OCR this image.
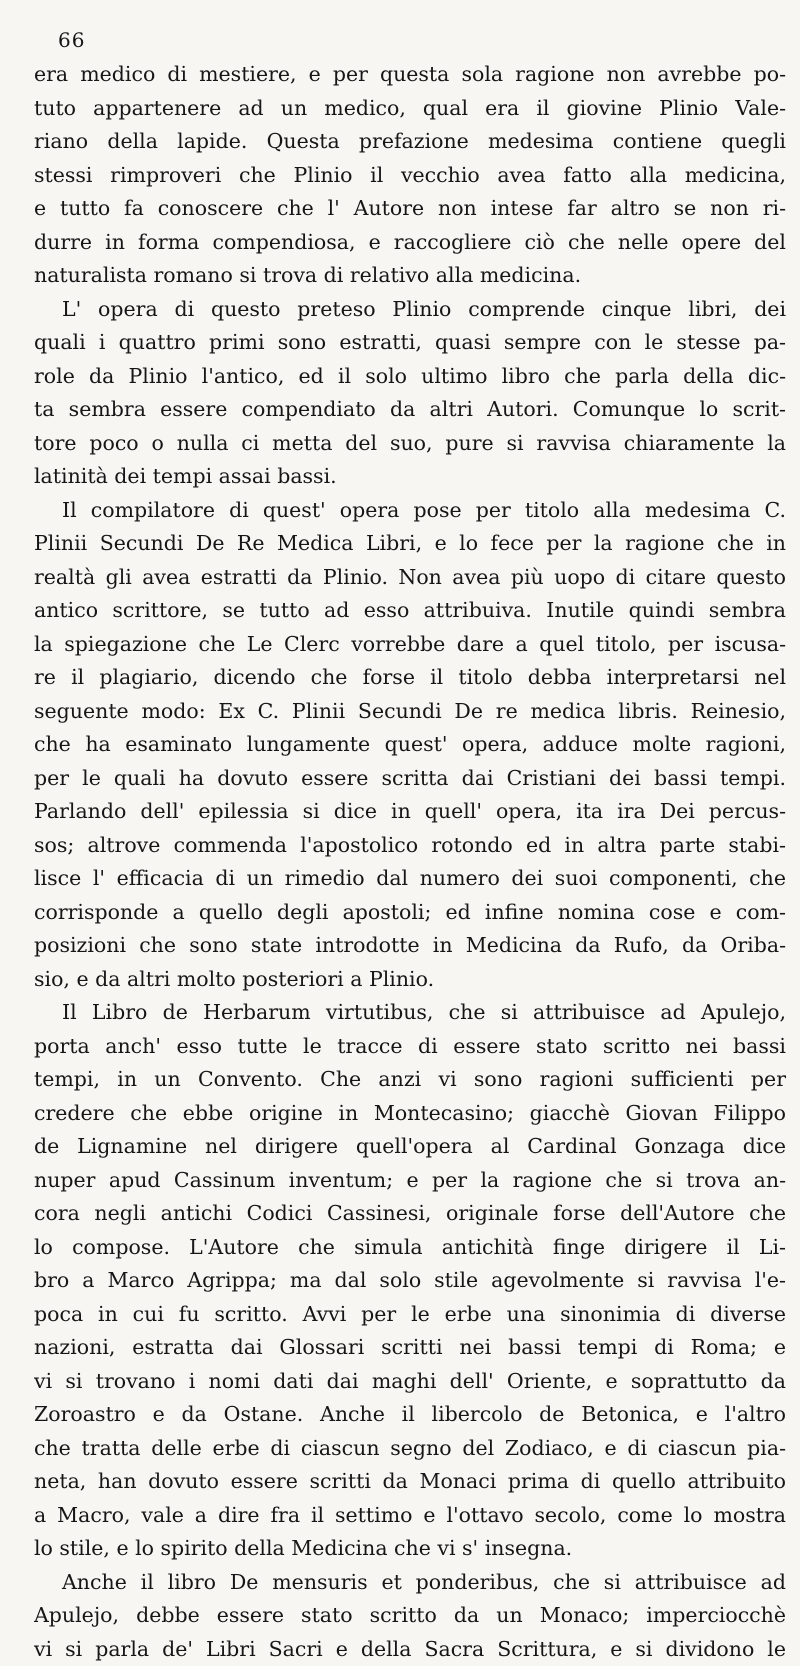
66
era medico di mestiere, e per questa sola ragione non avrebbe po-
tuto appartenere ad un medico, qual era il giovine Plinio Vale-
riano della lapide. Questa prefazione medesima contiene quegli
stessi rimproveri che Plinio il vecchio avea fatto alla medicina,
e tutto fa conoscere che l' Autore non intese far altro se non ri-
durre in forma compendiosa, e raccogliere ciò che nelle opere del
naturalista romano si trova di relativo alla medicina.
L' opera di questo preteso Plinio comprende cinque libri, dei
quali i quattro primi sono estratti, quasi sempre con le stesse pa-
role da Plinio l'antico, ed il solo ultimo libro che parla della dic-
ta sembra essere compendiato da altri Autori. Comunque lo scrit-
tore poco o nulla ci metta del suo, pure si ravvisa chiaramente la
latinità dei tempi assai bassi.
Il compilatore di quest' opera pose per titolo alla medesima C.
Plinii Secundi De Re Medica Libri, e lo fece per la ragione che in
realtà gli avea estratti da Plinio. Non avea più uopo di citare questo
antico scrittore, se tutto ad esso attribuiva. Inutile quindi sembra
la spiegazione che Le Clerc vorrebbe dare a quel titolo, per iscusa-
re il plagiario, dicendo che forse il titolo debba interpretarsi nel
seguente modo: Ex C. Plinii Secundi De re medica libris. Reinesio,
che ha esaminato lungamente quest' opera, adduce molte ragioni,
per le quali ha dovuto essere scritta dai Cristiani dei bassi tempi.
Parlando dell' epilessia si dice in quell' opera, ita ira Dei percus-
sos; altrove commenda l'apostolico rotondo ed in altra parte stabi-
lisce l' efficacia di un rimedio dal numero dei suoi componenti, che
corrisponde a quello degli apostoli; ed infine nomina cose e com-
posizioni che sono state introdotte in Medicina da Rufo, da Oriba-
sio, e da altri molto posteriori a Plinio.
Il Libro de Herbarum virtutibus, che si attribuisce ad Apulejo,
porta anch' esso tutte le tracce di essere stato scritto nei bassi
tempi, in un Convento. Che anzi vi sono ragioni sufficienti per
credere che ebbe origine in Montecasino; giacchè Giovan Filippo
de Lignamine nel dirigere quell'opera al Cardinal Gonzaga dice
nuper apud Cassinum inventum; e per la ragione che si trova an-
cora negli antichi Codici Cassinesi, originale forse dell'Autore che
lo compose. L'Autore che simula antichità finge dirigere il Li-
bro a Marco Agrippa; ma dal solo stile agevolmente si ravvisa l'e-
poca in cui fu scritto. Avvi per le erbe una sinonimia di diverse
nazioni, estratta dai Glossari scritti nei bassi tempi di Roma; e
vi si trovano i nomi dati dai maghi dell' Oriente, e soprattutto da
Zoroastro e da Ostane. Anche il libercolo de Betonica, e l'altro
che tratta delle erbe di ciascun segno del Zodiaco, e di ciascun pia-
neta, han dovuto essere scritti da Monaci prima di quello attribuito
a Macro, vale a dire fra il settimo e l'ottavo secolo, come lo mostra
lo stile, e lo spirito della Medicina che vi s' insegna.
Anche il libro De mensuris et ponderibus, che si attribuisce ad
Apulejo, debbe essere stato scritto da un Monaco; imperciocchè
vi si parla de' Libri Sacri e della Sacra Scrittura, e si dividono le
